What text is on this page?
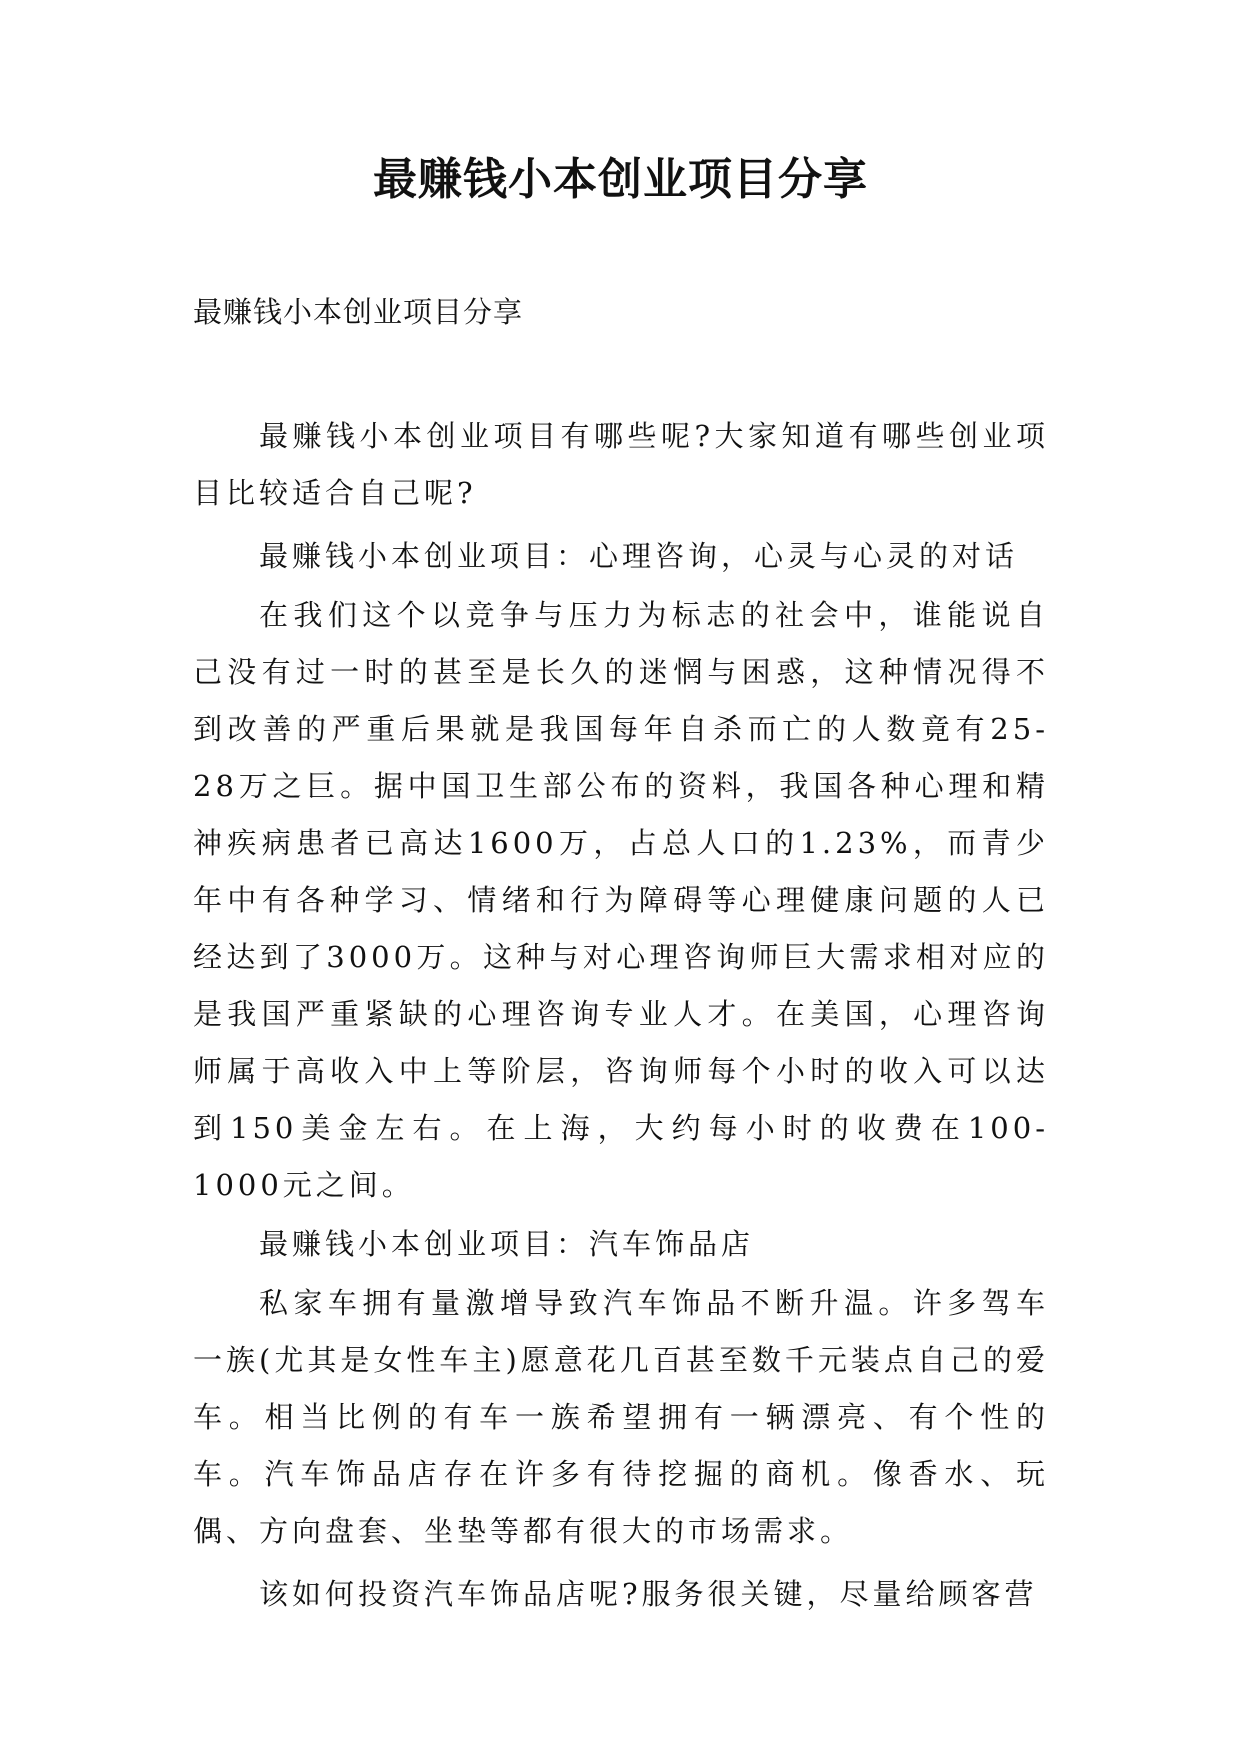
最赚钱小本创业项目分享
最赚钱小本创业项目分享

最赚钱小本创业项目有哪些呢?大家知道有哪些创业项目比较适合自己呢?

最赚钱小本创业项目：心理咨询，心灵与心灵的对话

在我们这个以竞争与压力为标志的社会中，谁能说自己没有过一时的甚至是长久的迷惘与困惑，这种情况得不到改善的严重后果就是我国每年自杀而亡的人数竟有25-28万之巨。据中国卫生部公布的资料，我国各种心理和精神疾病患者已高达1600万，占总人口的1.23%，而青少年中有各种学习、情绪和行为障碍等心理健康问题的人已经达到了3000万。这种与对心理咨询师巨大需求相对应的是我国严重紧缺的心理咨询专业人才。在美国，心理咨询师属于高收入中上等阶层，咨询师每个小时的收入可以达到150美金左右。在上海，大约每小时的收费在100-1000元之间。

最赚钱小本创业项目：汽车饰品店

私家车拥有量激增导致汽车饰品不断升温。许多驾车一族(尤其是女性车主)愿意花几百甚至数千元装点自己的爱车。相当比例的有车一族希望拥有一辆漂亮、有个性的车。汽车饰品店存在许多有待挖掘的商机。像香水、玩偶、方向盘套、坐垫等都有很大的市场需求。

该如何投资汽车饰品店呢?服务很关键，尽量给顾客营
